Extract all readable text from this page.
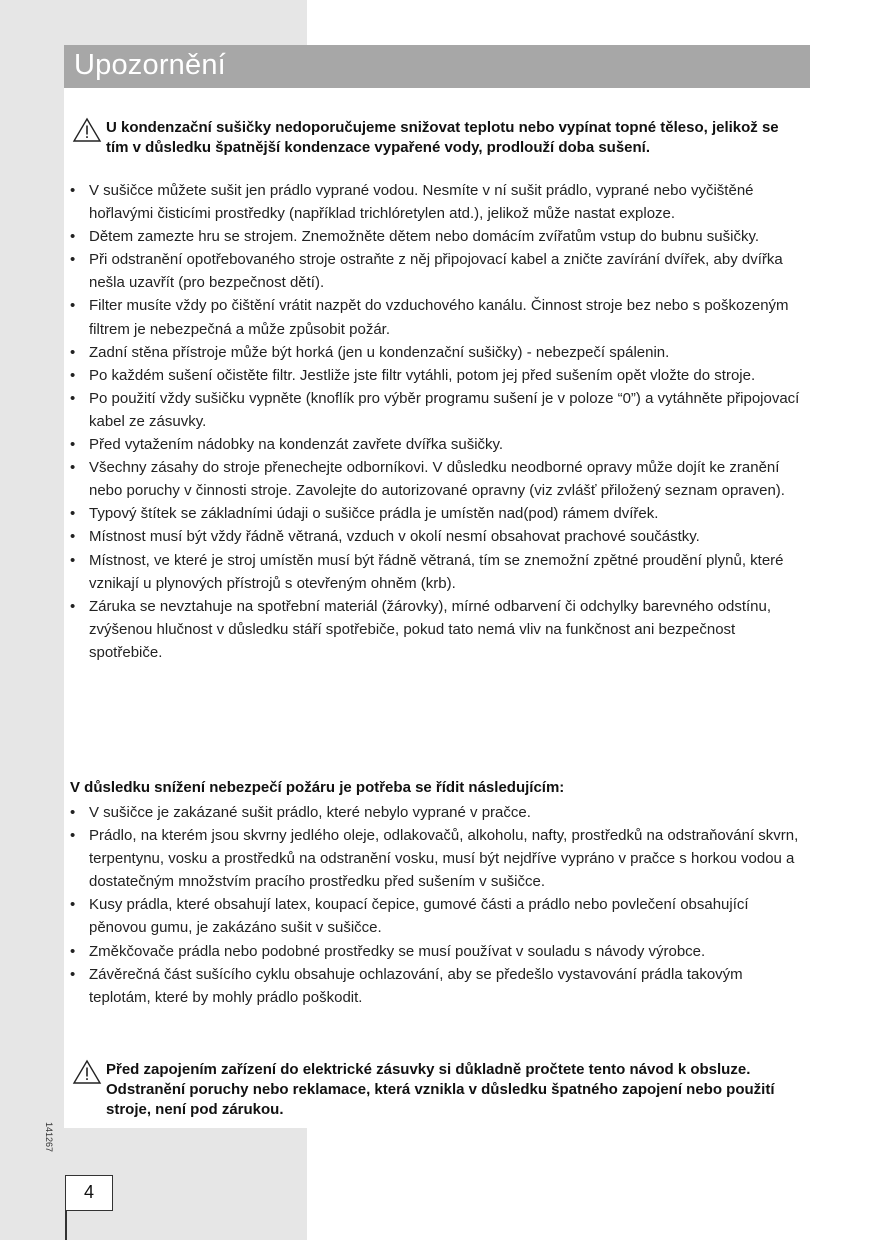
Upozornění
U kondenzační sušičky nedoporučujeme snižovat teplotu nebo vypínat topné těleso, jelikož se tím v důsledku špatnější kondenzace vypařené vody, prodlouží doba sušení.
• V sušičce můžete sušit jen prádlo vyprané vodou. Nesmíte v ní sušit prádlo, vyprané nebo vyčištěné hořlavými čisticími prostředky (například trichlóretylen atd.), jelikož může nastat exploze.
• Dětem zamezte hru se strojem. Znemožněte dětem nebo domácím zvířatům vstup do bubnu sušičky.
• Při odstranění opotřebovaného stroje ostraňte z něj připojovací kabel a zničte zavírání dvířek, aby dvířka nešla uzavřít (pro bezpečnost dětí).
• Filter musíte vždy po čištění vrátit nazpět do vzduchového kanálu. Činnost stroje bez nebo s poškozeným filtrem je nebezpečná a může způsobit požár.
• Zadní stěna přístroje může být horká (jen u kondenzační sušičky) - nebezpečí spálenin.
• Po každém sušení očistěte filtr. Jestliže jste filtr vytáhli, potom jej před sušením opět vložte do stroje.
• Po použití vždy sušičku vypněte (knoflík pro výběr programu sušení je v poloze “0”) a vytáhněte připojovací kabel ze zásuvky.
• Před vytažením nádobky na kondenzát zavřete dvířka sušičky.
• Všechny zásahy do stroje přenechejte odborníkovi. V důsledku neodborné opravy může dojít ke zranění nebo poruchy v činnosti stroje. Zavolejte do autorizované opravny (viz zvlášť přiložený seznam opraven).
• Typový štítek se základními údaji o sušičce prádla je umístěn nad(pod) rámem dvířek.
• Místnost musí být vždy řádně větraná, vzduch v okolí nesmí obsahovat prachové součástky.
• Místnost, ve které je stroj umístěn musí být řádně větraná, tím se znemožní zpětné proudění plynů, které vznikají u plynových přístrojů s otevřeným ohněm (krb).
• Záruka se nevztahuje na spotřební materiál (žárovky), mírné odbarvení či odchylky barevného odstínu, zvýšenou hlučnost v důsledku stáří spotřebiče, pokud tato nemá vliv na funkčnost ani bezpečnost spotřebiče.
V důsledku snížení nebezpečí požáru je potřeba se řídit následujícím:
• V sušičce je zakázané sušit prádlo, které nebylo vyprané v pračce.
• Prádlo, na kterém jsou skvrny jedlého oleje, odlakovačů, alkoholu, nafty, prostředků na odstraňování skvrn, terpentynu, vosku a prostředků na odstranění vosku, musí být nejdříve vypráno v pračce s horkou vodou a dostatečným množstvím pracího prostředku před sušením v sušičce.
• Kusy prádla, které obsahují latex, koupací čepice, gumové části a prádlo nebo povlečení obsahující pěnovou gumu, je zakázáno sušit v sušičce.
• Změkčovače prádla nebo podobné prostředky se musí používat v souladu s návody výrobce.
• Závěrečná část sušícího cyklu obsahuje ochlazování, aby se předešlo vystavování prádla takovým teplotám, které by mohly prádlo poškodit.
Před zapojením zařízení do elektrické zásuvky si důkladně pročtete tento návod k obsluze. Odstranění poruchy nebo reklamace, která vznikla v důsledku špatného zapojení nebo použití stroje, není pod zárukou.
141267
4
